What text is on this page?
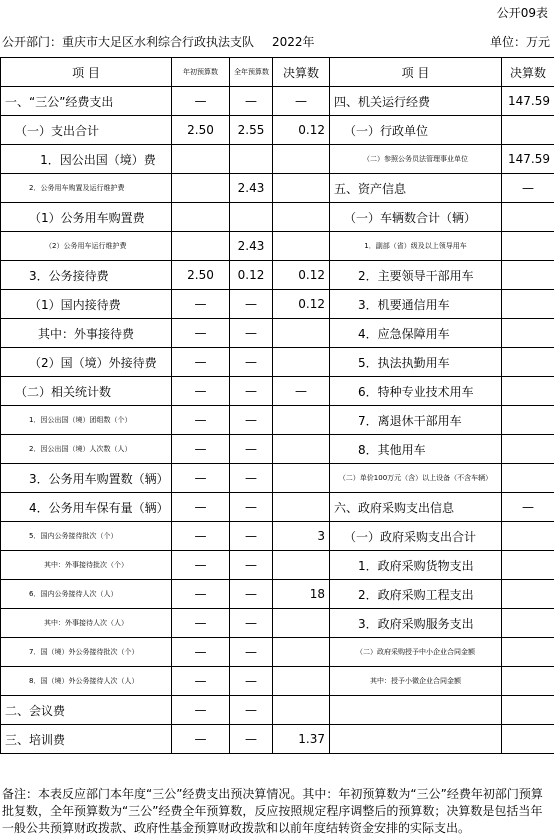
公开09表
公开部门：重庆市大足区水利综合行政执法支队 2022年	单位：万元
项 目	年初预算数	全年预算数	决算数	项 目	决算数
一、“三公”经费支出	—	—	—	四、机关运行经费	147.59
（一）支出合计	2.50	2.55	0.12	（一）行政单位	
1．因公出国（境）费				（二）参照公务员法管理事业单位	147.59
2．公务用车购置及运行维护费		2.43		五、资产信息	—
（1）公务用车购置费				（一）车辆数合计（辆）	
（2）公务用车运行维护费		2.43		1．副部（省）级及以上领导用车	
3．公务接待费	2.50	0.12	0.12	2．主要领导干部用车	
（1）国内接待费	—	—	0.12	3．机要通信用车	
其中：外事接待费	—	—		4．应急保障用车	
（2）国（境）外接待费	—	—		5．执法执勤用车	
（二）相关统计数	—	—	—	6．特种专业技术用车	
1．因公出国（境）团组数（个）	—	—		7．离退休干部用车	
2．因公出国（境）人次数（人）	—	—		8．其他用车	
3．公务用车购置数（辆）	—	—		（二）单价100万元（含）以上设备（不含车辆）	
4．公务用车保有量（辆）	—	—		六、政府采购支出信息	—
5．国内公务接待批次（个）	—	—	3	（一）政府采购支出合计	
其中：外事接待批次（个）	—	—		1．政府采购货物支出	
6．国内公务接待人次（人）	—	—	18	2．政府采购工程支出	
其中：外事接待人次（人）	—	—		3．政府采购服务支出	
7．国（境）外公务接待批次（个）	—	—		（二）政府采购授予中小企业合同金额	
8．国（境）外公务接待人次（人）	—	—		其中：授予小微企业合同金额	
二、会议费	—	—			
三、培训费	—	—	1.37		
备注：本表反应部门本年度“三公”经费支出预决算情况。其中：年初预算数为“三公”经费年初部门预算批复数，全年预算数为“三公”经费全年预算数，反应按照规定程序调整后的预算数；决算数是包括当年一般公共预算财政拨款、政府性基金预算财政拨款和以前年度结转资金安排的实际支出。
